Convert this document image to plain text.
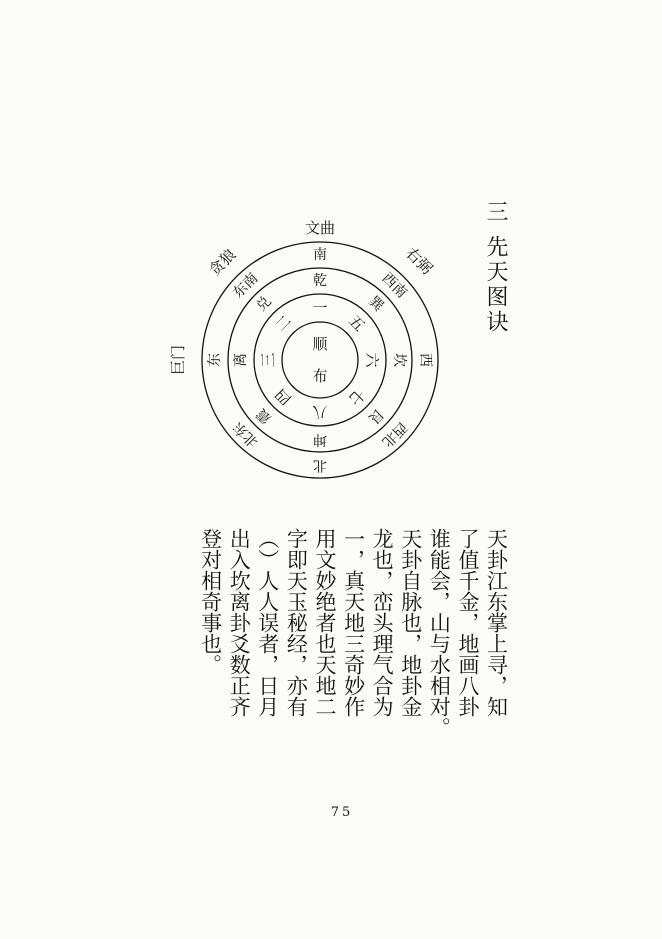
三 先天图诀
顺
布
一
五
六
七
八
四
三
二
乾
巽
坎
艮
坤
震
离
兑
南
西南
西
西北
北
北东
东
东南
文曲
右弼
巨门
贪狼
天卦江东掌上寻，知
了值千金，地画八卦
谁能会，山与水相对。
天卦自脉也，地卦金
龙也，峦头理气合为
一，真天地三奇妙作
用文妙绝者也天地二
字即天玉秘经，亦有
（）人人误者，日月
出入坎离卦爻数正齐
登对相奇事也。
75
